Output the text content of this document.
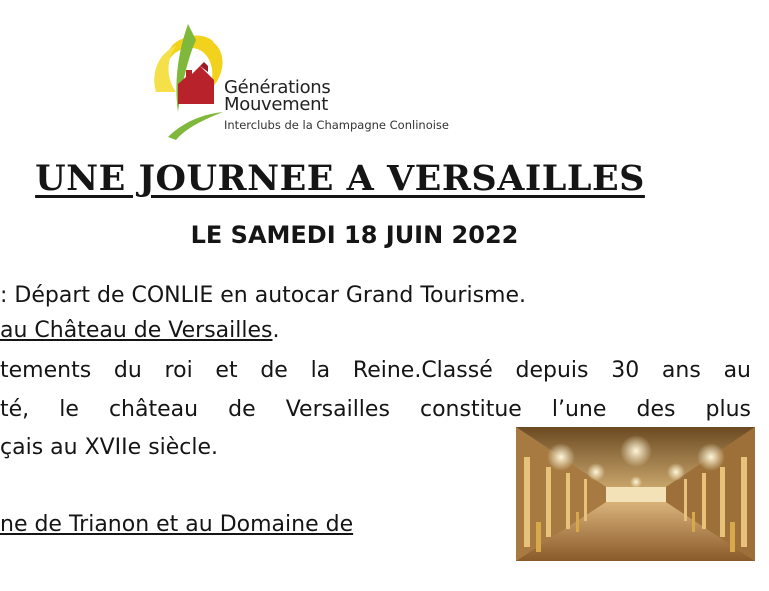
Générations
Mouvement
Interclubs de la Champagne Conlinoise
UNE JOURNEE A VERSAILLES
LE SAMEDI 18 JUIN 2022
: Départ de CONLIE en autocar Grand Tourisme.
au Château de Versailles.
tements du roi et de la Reine.Classé depuis 30 ans au
té, le château de Versailles constitue l’une des plus
çais au XVIIe siècle.
ne de Trianon et au Domaine de
